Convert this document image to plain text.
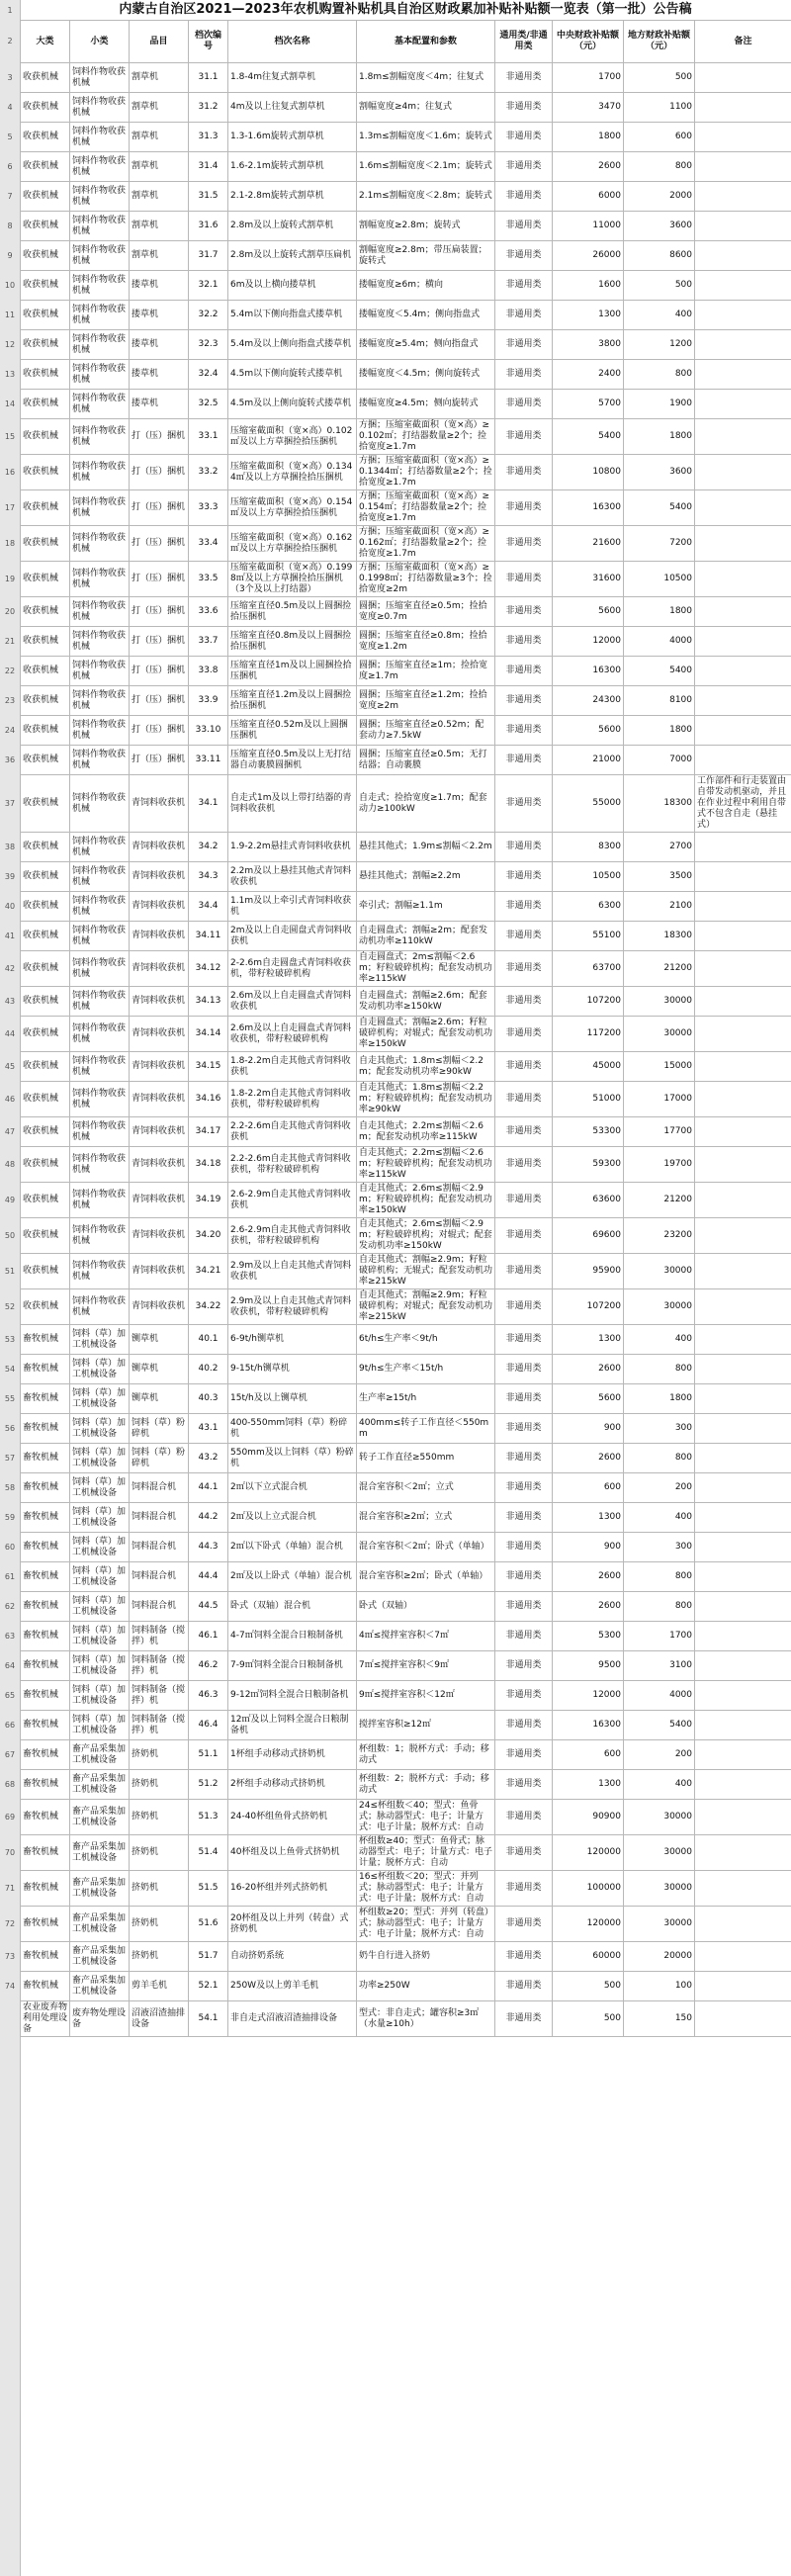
1
2
3
4
5
6
7
8
9
10
11
12
13
14
15
16
17
18
19
20
21
22
23
24
36
37
38
39
40
41
42
43
44
45
46
47
48
49
50
51
52
53
54
55
56
57
58
59
60
61
62
63
64
65
66
67
68
69
70
71
72
73
74
内蒙古自治区2021—2023年农机购置补贴机具自治区财政累加补贴补贴额一览表（第一批）公告稿
大类	小类	品目	档次编号	档次名称	基本配置和参数	通用类/非通用类	中央财政补贴额（元）	地方财政补贴额（元）	备注
收获机械	饲料作物收获机械	割草机	31.1	1.8-4m往复式割草机	1.8m≤割幅宽度＜4m；往复式	非通用类	1700	500	
收获机械	饲料作物收获机械	割草机	31.2	4m及以上往复式割草机	割幅宽度≥4m；往复式	非通用类	3470	1100	
收获机械	饲料作物收获机械	割草机	31.3	1.3-1.6m旋转式割草机	1.3m≤割幅宽度＜1.6m；旋转式	非通用类	1800	600	
收获机械	饲料作物收获机械	割草机	31.4	1.6-2.1m旋转式割草机	1.6m≤割幅宽度＜2.1m；旋转式	非通用类	2600	800	
收获机械	饲料作物收获机械	割草机	31.5	2.1-2.8m旋转式割草机	2.1m≤割幅宽度＜2.8m；旋转式	非通用类	6000	2000	
收获机械	饲料作物收获机械	割草机	31.6	2.8m及以上旋转式割草机	割幅宽度≥2.8m；旋转式	非通用类	11000	3600	
收获机械	饲料作物收获机械	割草机	31.7	2.8m及以上旋转式割草压扁机	割幅宽度≥2.8m；带压扁装置；旋转式	非通用类	26000	8600	
收获机械	饲料作物收获机械	搂草机	32.1	6m及以上横向搂草机	搂幅宽度≥6m；横向	非通用类	1600	500	
收获机械	饲料作物收获机械	搂草机	32.2	5.4m以下侧向指盘式搂草机	搂幅宽度＜5.4m；侧向指盘式	非通用类	1300	400	
收获机械	饲料作物收获机械	搂草机	32.3	5.4m及以上侧向指盘式搂草机	搂幅宽度≥5.4m；侧向指盘式	非通用类	3800	1200	
收获机械	饲料作物收获机械	搂草机	32.4	4.5m以下侧向旋转式搂草机	搂幅宽度＜4.5m；侧向旋转式	非通用类	2400	800	
收获机械	饲料作物收获机械	搂草机	32.5	4.5m及以上侧向旋转式搂草机	搂幅宽度≥4.5m；侧向旋转式	非通用类	5700	1900	
收获机械	饲料作物收获机械	打（压）捆机	33.1	压缩室截面积（宽×高）0.102㎡及以上方草捆捡拾压捆机	方捆；压缩室截面积（宽×高）≥0.102㎡；打结器数量≥2个；捡拾宽度≥1.7m	非通用类	5400	1800	
收获机械	饲料作物收获机械	打（压）捆机	33.2	压缩室截面积（宽×高）0.1344㎡及以上方草捆捡拾压捆机	方捆；压缩室截面积（宽×高）≥0.1344㎡；打结器数量≥2个；捡拾宽度≥1.7m	非通用类	10800	3600	
收获机械	饲料作物收获机械	打（压）捆机	33.3	压缩室截面积（宽×高）0.154㎡及以上方草捆捡拾压捆机	方捆；压缩室截面积（宽×高）≥0.154㎡；打结器数量≥2个；捡拾宽度≥1.7m	非通用类	16300	5400	
收获机械	饲料作物收获机械	打（压）捆机	33.4	压缩室截面积（宽×高）0.162㎡及以上方草捆捡拾压捆机	方捆；压缩室截面积（宽×高）≥0.162㎡；打结器数量≥2个；捡拾宽度≥1.7m	非通用类	21600	7200	
收获机械	饲料作物收获机械	打（压）捆机	33.5	压缩室截面积（宽×高）0.1998㎡及以上方草捆捡拾压捆机（3个及以上打结器）	方捆；压缩室截面积（宽×高）≥0.1998㎡；打结器数量≥3个；捡拾宽度≥2m	非通用类	31600	10500	
收获机械	饲料作物收获机械	打（压）捆机	33.6	压缩室直径0.5m及以上圆捆捡拾压捆机	圆捆；压缩室直径≥0.5m；捡拾宽度≥0.7m	非通用类	5600	1800	
收获机械	饲料作物收获机械	打（压）捆机	33.7	压缩室直径0.8m及以上圆捆捡拾压捆机	圆捆；压缩室直径≥0.8m；捡拾宽度≥1.2m	非通用类	12000	4000	
收获机械	饲料作物收获机械	打（压）捆机	33.8	压缩室直径1m及以上圆捆捡拾压捆机	圆捆；压缩室直径≥1m；捡拾宽度≥1.7m	非通用类	16300	5400	
收获机械	饲料作物收获机械	打（压）捆机	33.9	压缩室直径1.2m及以上圆捆捡拾压捆机	圆捆；压缩室直径≥1.2m；捡拾宽度≥2m	非通用类	24300	8100	
收获机械	饲料作物收获机械	打（压）捆机	33.10	压缩室直径0.52m及以上圆捆压捆机	圆捆；压缩室直径≥0.52m；配套动力≥7.5kW	非通用类	5600	1800	
收获机械	饲料作物收获机械	打（压）捆机	33.11	压缩室直径0.5m及以上无打结器自动裹膜圆捆机	圆捆；压缩室直径≥0.5m；无打结器；自动裹膜	非通用类	21000	7000	
收获机械	饲料作物收获机械	青饲料收获机	34.1	自走式1m及以上带打结器的青饲料收获机	自走式；捡拾宽度≥1.7m；配套动力≥100kW	非通用类	55000	18300	工作部件和行走装置由自带发动机驱动，并且在作业过程中利用自带式不包含自走（悬挂式）
收获机械	饲料作物收获机械	青饲料收获机	34.2	1.9-2.2m悬挂式青饲料收获机	悬挂其他式；1.9m≤割幅＜2.2m	非通用类	8300	2700	
收获机械	饲料作物收获机械	青饲料收获机	34.3	2.2m及以上悬挂其他式青饲料收获机	悬挂其他式；割幅≥2.2m	非通用类	10500	3500	
收获机械	饲料作物收获机械	青饲料收获机	34.4	1.1m及以上牵引式青饲料收获机	牵引式；割幅≥1.1m	非通用类	6300	2100	
收获机械	饲料作物收获机械	青饲料收获机	34.11	2m及以上自走圆盘式青饲料收获机	自走圆盘式；割幅≥2m；配套发动机功率≥110kW	非通用类	55100	18300	
收获机械	饲料作物收获机械	青饲料收获机	34.12	2-2.6m自走圆盘式青饲料收获机，带籽粒破碎机构	自走圆盘式；2m≤割幅＜2.6m；籽粒破碎机构；配套发动机功率≥115kW	非通用类	63700	21200	
收获机械	饲料作物收获机械	青饲料收获机	34.13	2.6m及以上自走圆盘式青饲料收获机	自走圆盘式；割幅≥2.6m；配套发动机功率≥150kW	非通用类	107200	30000	
收获机械	饲料作物收获机械	青饲料收获机	34.14	2.6m及以上自走圆盘式青饲料收获机，带籽粒破碎机构	自走圆盘式；割幅≥2.6m；籽粒破碎机构；对辊式；配套发动机功率≥150kW	非通用类	117200	30000	
收获机械	饲料作物收获机械	青饲料收获机	34.15	1.8-2.2m自走其他式青饲料收获机	自走其他式；1.8m≤割幅＜2.2m；配套发动机功率≥90kW	非通用类	45000	15000	
收获机械	饲料作物收获机械	青饲料收获机	34.16	1.8-2.2m自走其他式青饲料收获机，带籽粒破碎机构	自走其他式；1.8m≤割幅＜2.2m；籽粒破碎机构；配套发动机功率≥90kW	非通用类	51000	17000	
收获机械	饲料作物收获机械	青饲料收获机	34.17	2.2-2.6m自走其他式青饲料收获机	自走其他式；2.2m≤割幅＜2.6m；配套发动机功率≥115kW	非通用类	53300	17700	
收获机械	饲料作物收获机械	青饲料收获机	34.18	2.2-2.6m自走其他式青饲料收获机，带籽粒破碎机构	自走其他式；2.2m≤割幅＜2.6m；籽粒破碎机构；配套发动机功率≥115kW	非通用类	59300	19700	
收获机械	饲料作物收获机械	青饲料收获机	34.19	2.6-2.9m自走其他式青饲料收获机	自走其他式；2.6m≤割幅＜2.9m；籽粒破碎机构；配套发动机功率≥150kW	非通用类	63600	21200	
收获机械	饲料作物收获机械	青饲料收获机	34.20	2.6-2.9m自走其他式青饲料收获机，带籽粒破碎机构	自走其他式；2.6m≤割幅＜2.9m；籽粒破碎机构；对辊式；配套发动机功率≥150kW	非通用类	69600	23200	
收获机械	饲料作物收获机械	青饲料收获机	34.21	2.9m及以上自走其他式青饲料收获机	自走其他式；割幅≥2.9m；籽粒破碎机构；无辊式；配套发动机功率≥215kW	非通用类	95900	30000	
收获机械	饲料作物收获机械	青饲料收获机	34.22	2.9m及以上自走其他式青饲料收获机，带籽粒破碎机构	自走其他式；割幅≥2.9m；籽粒破碎机构；对辊式；配套发动机功率≥215kW	非通用类	107200	30000	
畜牧机械	饲料（草）加工机械设备	铡草机	40.1	6-9t/h铡草机	6t/h≤生产率＜9t/h	非通用类	1300	400	
畜牧机械	饲料（草）加工机械设备	铡草机	40.2	9-15t/h铡草机	9t/h≤生产率＜15t/h	非通用类	2600	800	
畜牧机械	饲料（草）加工机械设备	铡草机	40.3	15t/h及以上铡草机	生产率≥15t/h	非通用类	5600	1800	
畜牧机械	饲料（草）加工机械设备	饲料（草）粉碎机	43.1	400-550mm饲料（草）粉碎机	400mm≤转子工作直径＜550mm	非通用类	900	300	
畜牧机械	饲料（草）加工机械设备	饲料（草）粉碎机	43.2	550mm及以上饲料（草）粉碎机	转子工作直径≥550mm	非通用类	2600	800	
畜牧机械	饲料（草）加工机械设备	饲料混合机	44.1	2㎡以下立式混合机	混合室容积＜2㎡；立式	非通用类	600	200	
畜牧机械	饲料（草）加工机械设备	饲料混合机	44.2	2㎡及以上立式混合机	混合室容积≥2㎡；立式	非通用类	1300	400	
畜牧机械	饲料（草）加工机械设备	饲料混合机	44.3	2㎡以下卧式（单轴）混合机	混合室容积＜2㎡；卧式（单轴）	非通用类	900	300	
畜牧机械	饲料（草）加工机械设备	饲料混合机	44.4	2㎡及以上卧式（单轴）混合机	混合室容积≥2㎡；卧式（单轴）	非通用类	2600	800	
畜牧机械	饲料（草）加工机械设备	饲料混合机	44.5	卧式（双轴）混合机	卧式（双轴）	非通用类	2600	800	
畜牧机械	饲料（草）加工机械设备	饲料制备（搅拌）机	46.1	4-7㎡饲料全混合日粮制备机	4㎡≤搅拌室容积＜7㎡	非通用类	5300	1700	
畜牧机械	饲料（草）加工机械设备	饲料制备（搅拌）机	46.2	7-9㎡饲料全混合日粮制备机	7㎡≤搅拌室容积＜9㎡	非通用类	9500	3100	
畜牧机械	饲料（草）加工机械设备	饲料制备（搅拌）机	46.3	9-12㎡饲料全混合日粮制备机	9㎡≤搅拌室容积＜12㎡	非通用类	12000	4000	
畜牧机械	饲料（草）加工机械设备	饲料制备（搅拌）机	46.4	12㎡及以上饲料全混合日粮制备机	搅拌室容积≥12㎡	非通用类	16300	5400	
畜牧机械	畜产品采集加工机械设备	挤奶机	51.1	1杯组手动移动式挤奶机	杯组数：1；脱杯方式：手动；移动式	非通用类	600	200	
畜牧机械	畜产品采集加工机械设备	挤奶机	51.2	2杯组手动移动式挤奶机	杯组数：2；脱杯方式：手动；移动式	非通用类	1300	400	
畜牧机械	畜产品采集加工机械设备	挤奶机	51.3	24-40杯组鱼骨式挤奶机	24≤杯组数＜40；型式：鱼骨式；脉动器型式：电子；计量方式：电子计量；脱杯方式：自动	非通用类	90900	30000	
畜牧机械	畜产品采集加工机械设备	挤奶机	51.4	40杯组及以上鱼骨式挤奶机	杯组数≥40；型式：鱼骨式；脉动器型式：电子；计量方式：电子计量；脱杯方式：自动	非通用类	120000	30000	
畜牧机械	畜产品采集加工机械设备	挤奶机	51.5	16-20杯组并列式挤奶机	16≤杯组数＜20；型式：并列式；脉动器型式：电子；计量方式：电子计量；脱杯方式：自动	非通用类	100000	30000	
畜牧机械	畜产品采集加工机械设备	挤奶机	51.6	20杯组及以上并列（转盘）式挤奶机	杯组数≥20；型式：并列（转盘）式；脉动器型式：电子；计量方式：电子计量；脱杯方式：自动	非通用类	120000	30000	
畜牧机械	畜产品采集加工机械设备	挤奶机	51.7	自动挤奶系统	奶牛自行进入挤奶	非通用类	60000	20000	
畜牧机械	畜产品采集加工机械设备	剪羊毛机	52.1	250W及以上剪羊毛机	功率≥250W	非通用类	500	100	
农业废弃物利用处理设备	废弃物处理设备	沼液沼渣抽排设备	54.1	非自走式沼液沼渣抽排设备	型式：非自走式；罐容积≥3㎡（水量≥10h）	非通用类	500	150	
